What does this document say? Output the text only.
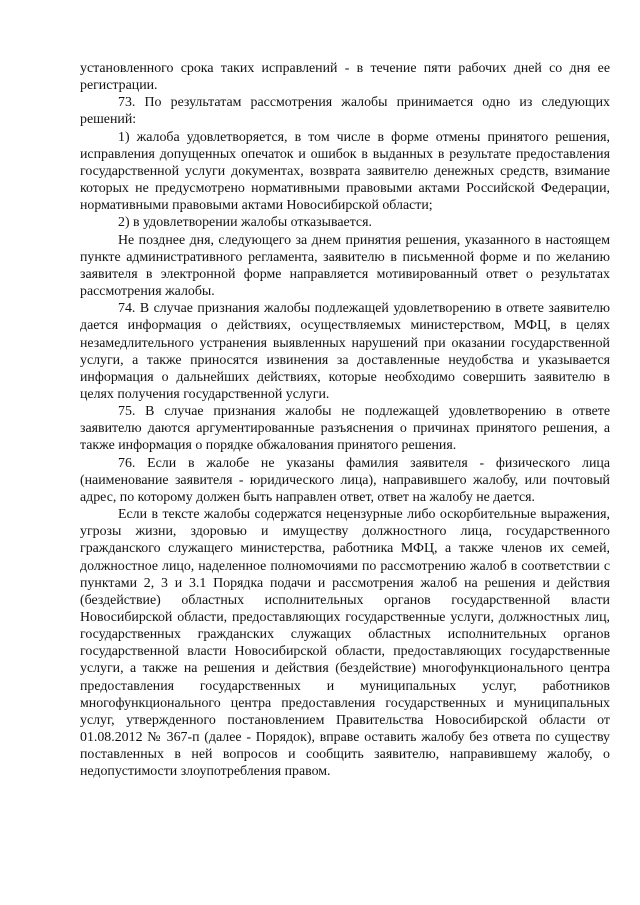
установленного срока таких исправлений - в течение пяти рабочих дней со дня ее регистрации.

73. По результатам рассмотрения жалобы принимается одно из следующих решений:

1) жалоба удовлетворяется, в том числе в форме отмены принятого решения, исправления допущенных опечаток и ошибок в выданных в результате предоставления государственной услуги документах, возврата заявителю денежных средств, взимание которых не предусмотрено нормативными правовыми актами Российской Федерации, нормативными правовыми актами Новосибирской области;

2) в удовлетворении жалобы отказывается.

Не позднее дня, следующего за днем принятия решения, указанного в настоящем пункте административного регламента, заявителю в письменной форме и по желанию заявителя в электронной форме направляется мотивированный ответ о результатах рассмотрения жалобы.

74. В случае признания жалобы подлежащей удовлетворению в ответе заявителю дается информация о действиях, осуществляемых министерством, МФЦ, в целях незамедлительного устранения выявленных нарушений при оказании государственной услуги, а также приносятся извинения за доставленные неудобства и указывается информация о дальнейших действиях, которые необходимо совершить заявителю в целях получения государственной услуги.

75. В случае признания жалобы не подлежащей удовлетворению в ответе заявителю даются аргументированные разъяснения о причинах принятого решения, а также информация о порядке обжалования принятого решения.

76. Если в жалобе не указаны фамилия заявителя - физического лица (наименование заявителя - юридического лица), направившего жалобу, или почтовый адрес, по которому должен быть направлен ответ, ответ на жалобу не дается.

Если в тексте жалобы содержатся нецензурные либо оскорбительные выражения, угрозы жизни, здоровью и имуществу должностного лица, государственного гражданского служащего министерства, работника МФЦ, а также членов их семей, должностное лицо, наделенное полномочиями по рассмотрению жалоб в соответствии с пунктами 2, 3 и 3.1 Порядка подачи и рассмотрения жалоб на решения и действия (бездействие) областных исполнительных органов государственной власти Новосибирской области, предоставляющих государственные услуги, должностных лиц, государственных гражданских служащих областных исполнительных органов государственной власти Новосибирской области, предоставляющих государственные услуги, а также на решения и действия (бездействие) многофункционального центра предоставления государственных и муниципальных услуг, работников многофункционального центра предоставления государственных и муниципальных услуг, утвержденного постановлением Правительства Новосибирской области от 01.08.2012 № 367-п (далее - Порядок), вправе оставить жалобу без ответа по существу поставленных в ней вопросов и сообщить заявителю, направившему жалобу, о недопустимости злоупотребления правом.
